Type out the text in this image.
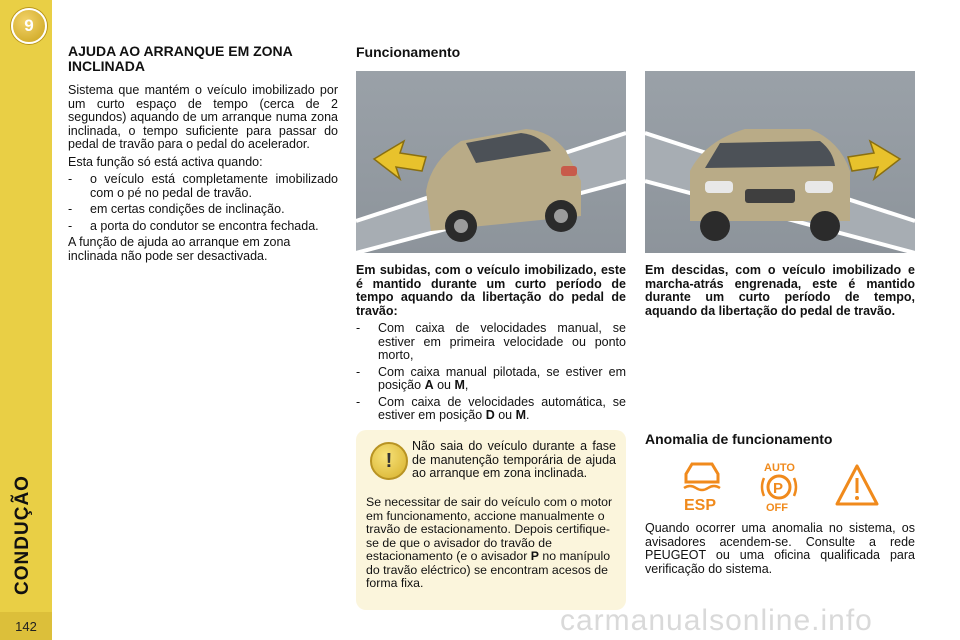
9
CONDUÇÃO
142
AJUDA AO ARRANQUE EM ZONA INCLINADA

Sistema que mantém o veículo imobilizado por um curto espaço de tempo (cerca de 2 segundos) aquando de um arranque numa zona inclinada, o tempo suficiente para passar do pedal de travão para o pedal do acelerador.

Esta função só está activa quando:

-	o veículo está completamente imobilizado com o pé no pedal de travão.
-	em certas condições de inclinação.
-	a porta do condutor se encontra fechada.

A função de ajuda ao arranque em zona inclinada não pode ser desactivada.

Funcionamento

Em subidas, com o veículo imobilizado, este é mantido durante um curto período de tempo aquando da libertação do pedal de travão:

-	Com caixa de velocidades manual, se estiver em primeira velocidade ou ponto morto,
-	Com caixa manual pilotada, se estiver em posição A ou M,
-	Com caixa de velocidades automática, se estiver em posição D ou M.
Em descidas, com o veículo imobilizado e marcha-atrás engrenada, este é mantido durante um curto período de tempo, aquando da libertação do pedal de travão.
!
Não saia do veículo durante a fase de manutenção temporária de ajuda ao arranque em zona inclinada.
Se necessitar de sair do veículo com o motor em funcionamento, accione manualmente o travão de estacionamento. Depois certifique-se de que o avisador do travão de estacionamento (e o avisador P no manípulo do travão eléctrico) se encontram acesos de forma fixa.
Anomalia de funcionamento
ESP
AUTO
P
OFF
Quando ocorrer uma anomalia no sistema, os avisadores acendem-se. Consulte a rede PEUGEOT ou uma oficina qualificada para verificação do sistema.
carmanualsonline.info
